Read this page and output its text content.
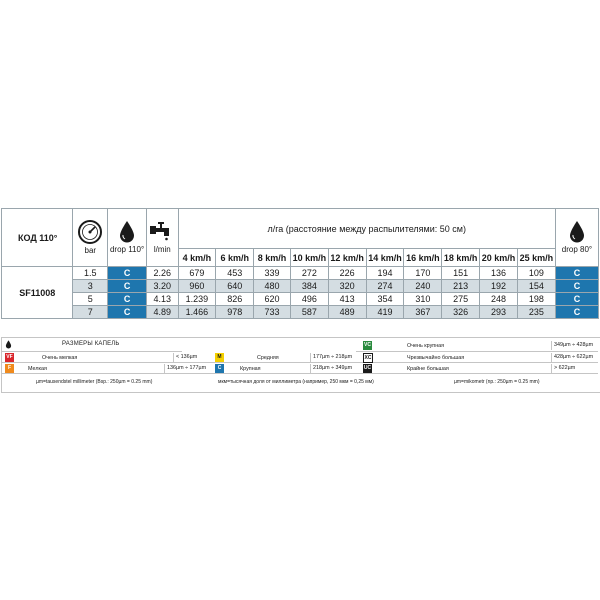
КОД 110°	bar	drop 110°	l/min	л/га (расстояние между распылителями: 50 см)										drop 80°

				4 km/h	6 km/h	8 km/h	10 km/h	12 km/h	14 km/h	16 km/h	18 km/h	20 km/h	25 km/h	
SF11008	1.5	C	2.26	679	453	339	272	226	194	170	151	136	109	C
	3	C	3.20	960	640	480	384	320	274	240	213	192	154	C
	5	C	4.13	1.239	826	620	496	413	354	310	275	248	198	C
	7	C	4.89	1.466	978	733	587	489	419	367	326	293	235	C
РАЗМЕРЫ КАПЕЛЬ
VF	Очень мелкая	< 136µm
F	Мелкая	136µm ÷ 177µm
M	Средняя	177µm ÷ 218µm
C	Крупная	218µm ÷ 349µm
VC	Очень крупная	349µm ÷ 428µm
XC	Чрезвычайно большая	428µm ÷ 622µm
UC	Крайне большая	> 622µm
µm=tausendstel millimeter (Bsp.: 250µm = 0.25 mm)	мкм=тысячная доля от миллиметра (например, 250 мкм = 0,25 мм)	µm=mikometr (np.: 250µm = 0.25 mm)
